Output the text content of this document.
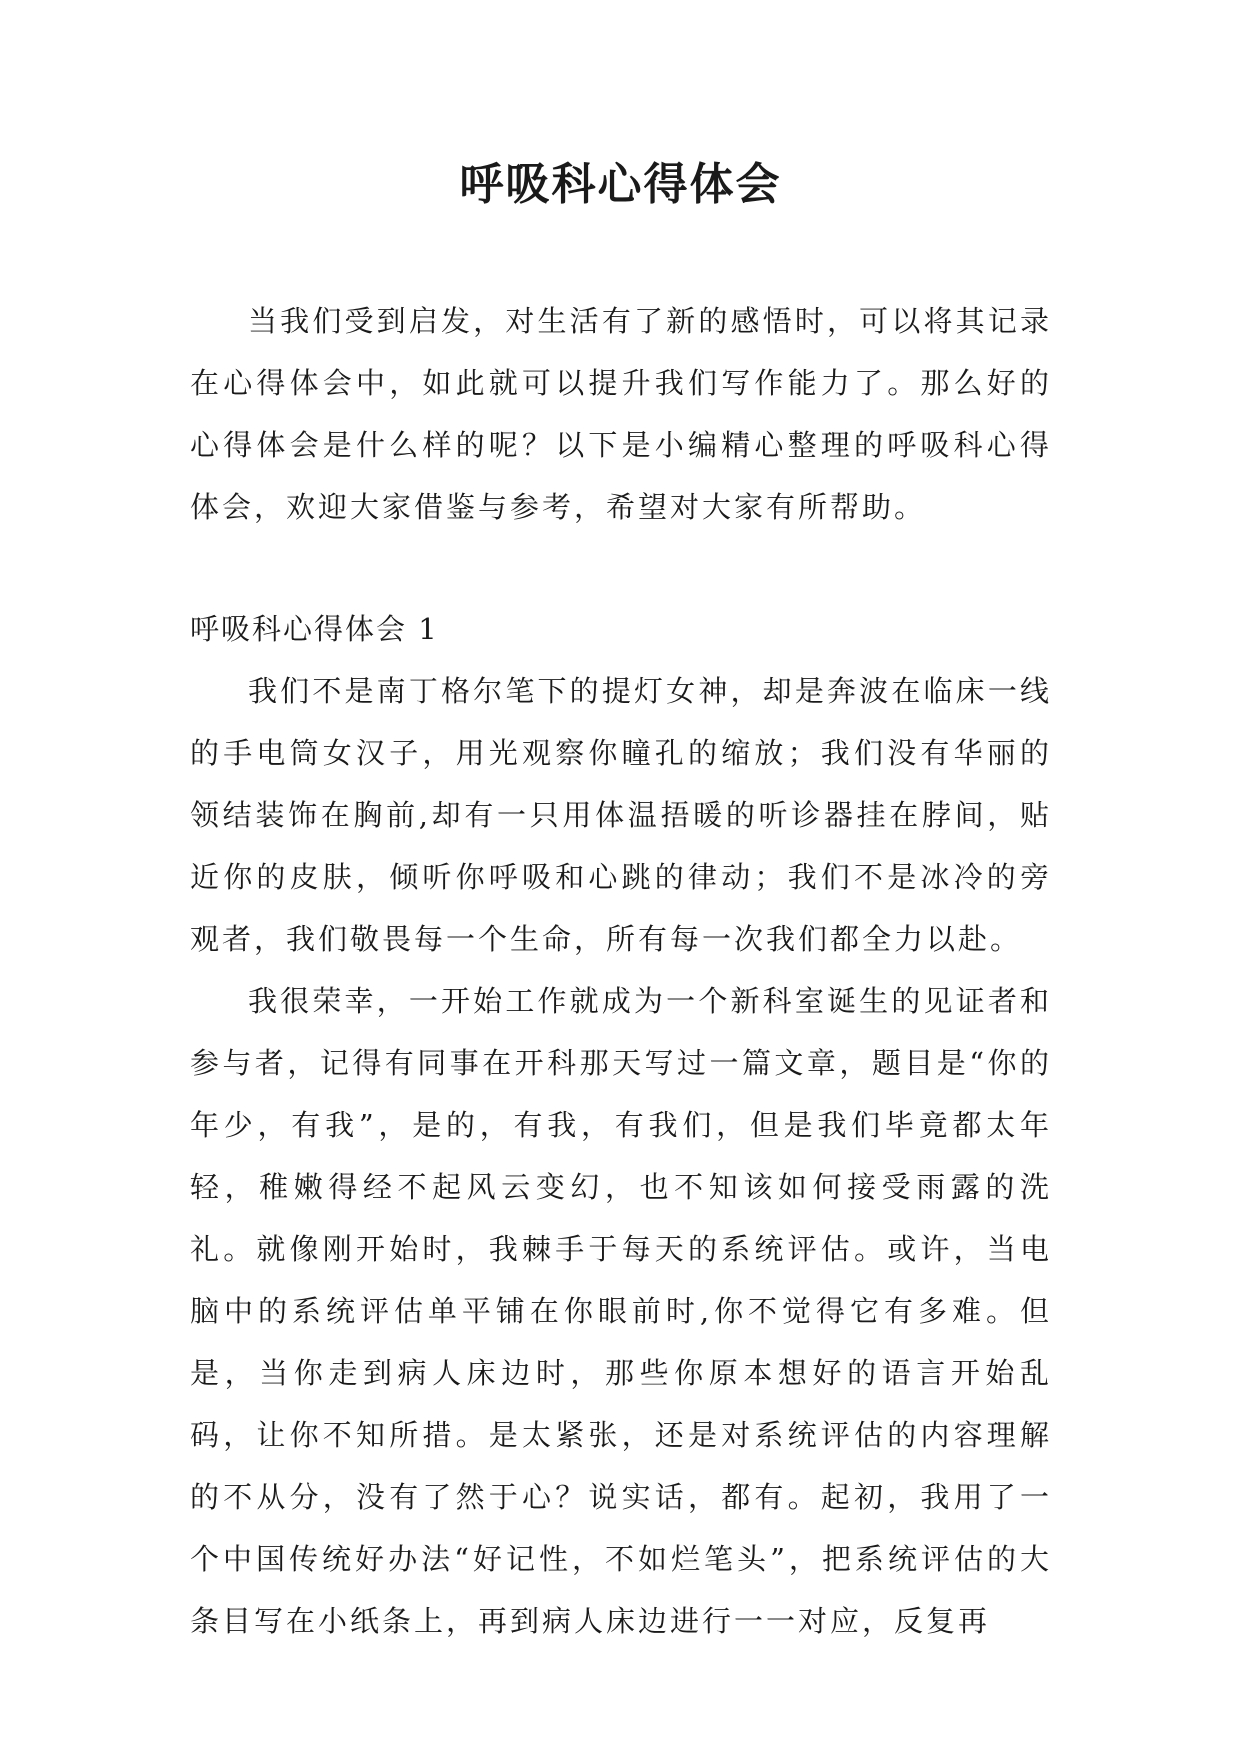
呼吸科心得体会

当我们受到启发，对生活有了新的感悟时，可以将其记录在心得体会中，如此就可以提升我们写作能力了。那么好的心得体会是什么样的呢？以下是小编精心整理的呼吸科心得体会，欢迎大家借鉴与参考，希望对大家有所帮助。

呼吸科心得体会 1

我们不是南丁格尔笔下的提灯女神，却是奔波在临床一线的手电筒女汉子，用光观察你瞳孔的缩放；我们没有华丽的领结装饰在胸前,却有一只用体温捂暖的听诊器挂在脖间，贴近你的皮肤，倾听你呼吸和心跳的律动；我们不是冰冷的旁观者，我们敬畏每一个生命，所有每一次我们都全力以赴。

我很荣幸，一开始工作就成为一个新科室诞生的见证者和参与者，记得有同事在开科那天写过一篇文章，题目是“你的年少，有我”，是的，有我，有我们，但是我们毕竟都太年轻，稚嫩得经不起风云变幻，也不知该如何接受雨露的洗礼。就像刚开始时，我棘手于每天的系统评估。或许，当电脑中的系统评估单平铺在你眼前时,你不觉得它有多难。但是，当你走到病人床边时，那些你原本想好的语言开始乱码，让你不知所措。是太紧张，还是对系统评估的内容理解的不从分，没有了然于心？说实话，都有。起初，我用了一个中国传统好办法“好记性，不如烂笔头”，把系统评估的大条目写在小纸条上，再到病人床边进行一一对应，反复再
